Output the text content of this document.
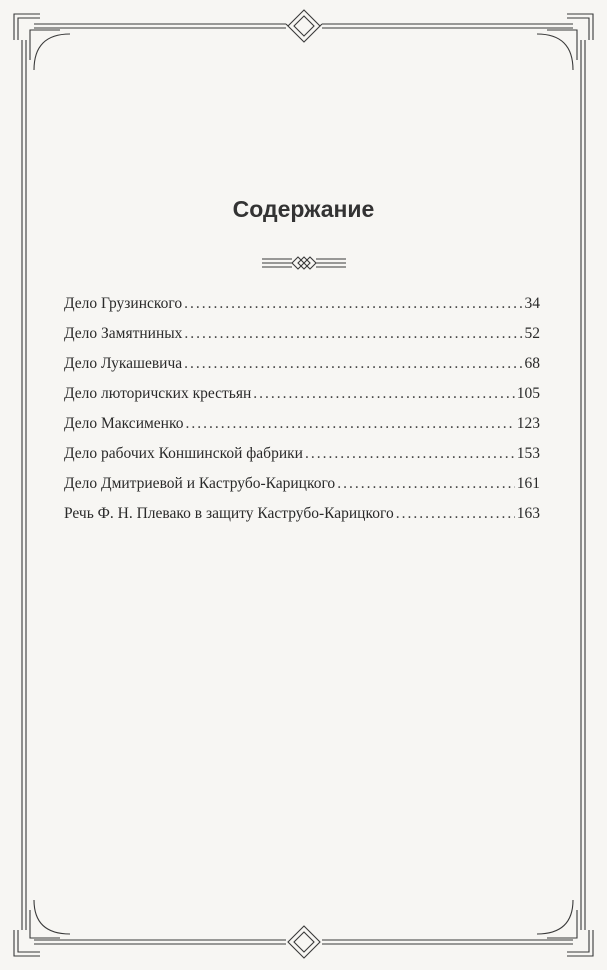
Содержание
Дело Грузинского .....	34
Дело Замятниных .....	52
Дело Лукашевича .....	68
Дело люторичских крестьян .....	105
Дело Максименко .....	123
Дело рабочих Коншинской фабрики .....	153
Дело Дмитриевой и Каструбо-Карицкого .....	161
Речь Ф. Н. Плевако в защиту Каструбо-Карицкого .....	163
